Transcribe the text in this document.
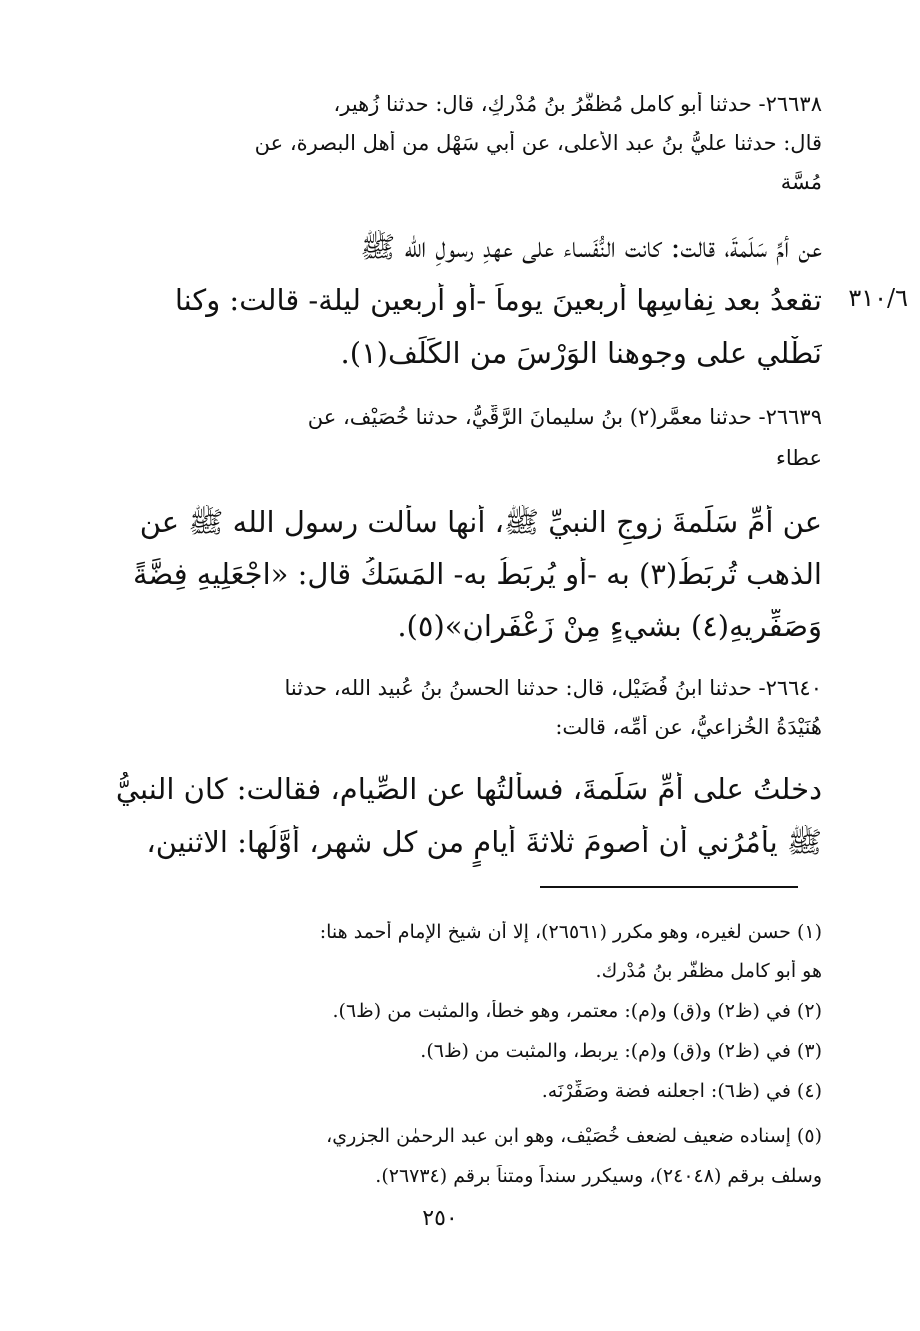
٢٦٦٣٨- حدثنا أبو كامل مُظفَّرُ بنُ مُدْرِكٍ، قال: حدثنا زُهير،
قال: حدثنا عليُّ بنُ عبد الأعلى، عن أبي سَهْل من أهل البصرة، عن
مُسَّة
عن أمِّ سَلَمةَ، قالت: كانت النُّفَساء على عهدِ رسولِ الله ﷺ
تقعدُ بعد نِفاسِها أربعينَ يوماً -أو أربعين ليلة- قالت: وكنا
نَطْلي على وجوهنا الوَرْسَ من الكَلَف(١).
٣١٠/٦
٢٦٦٣٩- حدثنا معمَّر(٢) بنُ سليمانَ الرَّقِّيُّ، حدثنا خُصَيْف، عن
عطاء
عن أمِّ سَلَمةَ زوجِ النبيِّ ﷺ، أنها سألت رسول الله ﷺ عن
الذهب تُربَطُ(٣) به -أو يُربَطُ به- المَسَكُ قال: «اجْعَلِيهِ فِضَّةً
وَصَفِّرِيهِ(٤) بشيءٍ مِنْ زَعْفَرانٍ»(٥).
٢٦٦٤٠- حدثنا ابنُ فُضَيْل، قال: حدثنا الحسنُ بنُ عُبيد الله، حدثنا
هُنَيْدَةُ الخُزاعيُّ، عن أمِّه، قالت:
دخلتُ على أمِّ سَلَمةَ، فسألتُها عن الصِّيام، فقالت: كان النبيُّ
ﷺ يأمُرُني أن أَصومَ ثلاثةَ أيامٍ من كل شهر، أوَّلُها: الاثنين،
(١) حسن لغيره، وهو مكرر (٢٦٥٦١)، إلا أن شيخ الإمام أحمد هنا:
هو أبو كامل مظفَّر بنُ مُدْرِك.
(٢) في (ظ٢) و(ق) و(م): معتمر، وهو خطأ، والمثبت من (ظ٦).
(٣) في (ظ٢) و(ق) و(م): يربط، والمثبت من (ظ٦).
(٤) في (ظ٦): اجعلنه فضة وصَفِّرْنَه.
(٥) إسناده ضعيف لضعف خُصَيْف، وهو ابن عبد الرحمٰن الجزري،
وسلف برقم (٢٤٠٤٨)، وسيكرر سنداً ومتناً برقم (٢٦٧٣٤).
٢٥٠
